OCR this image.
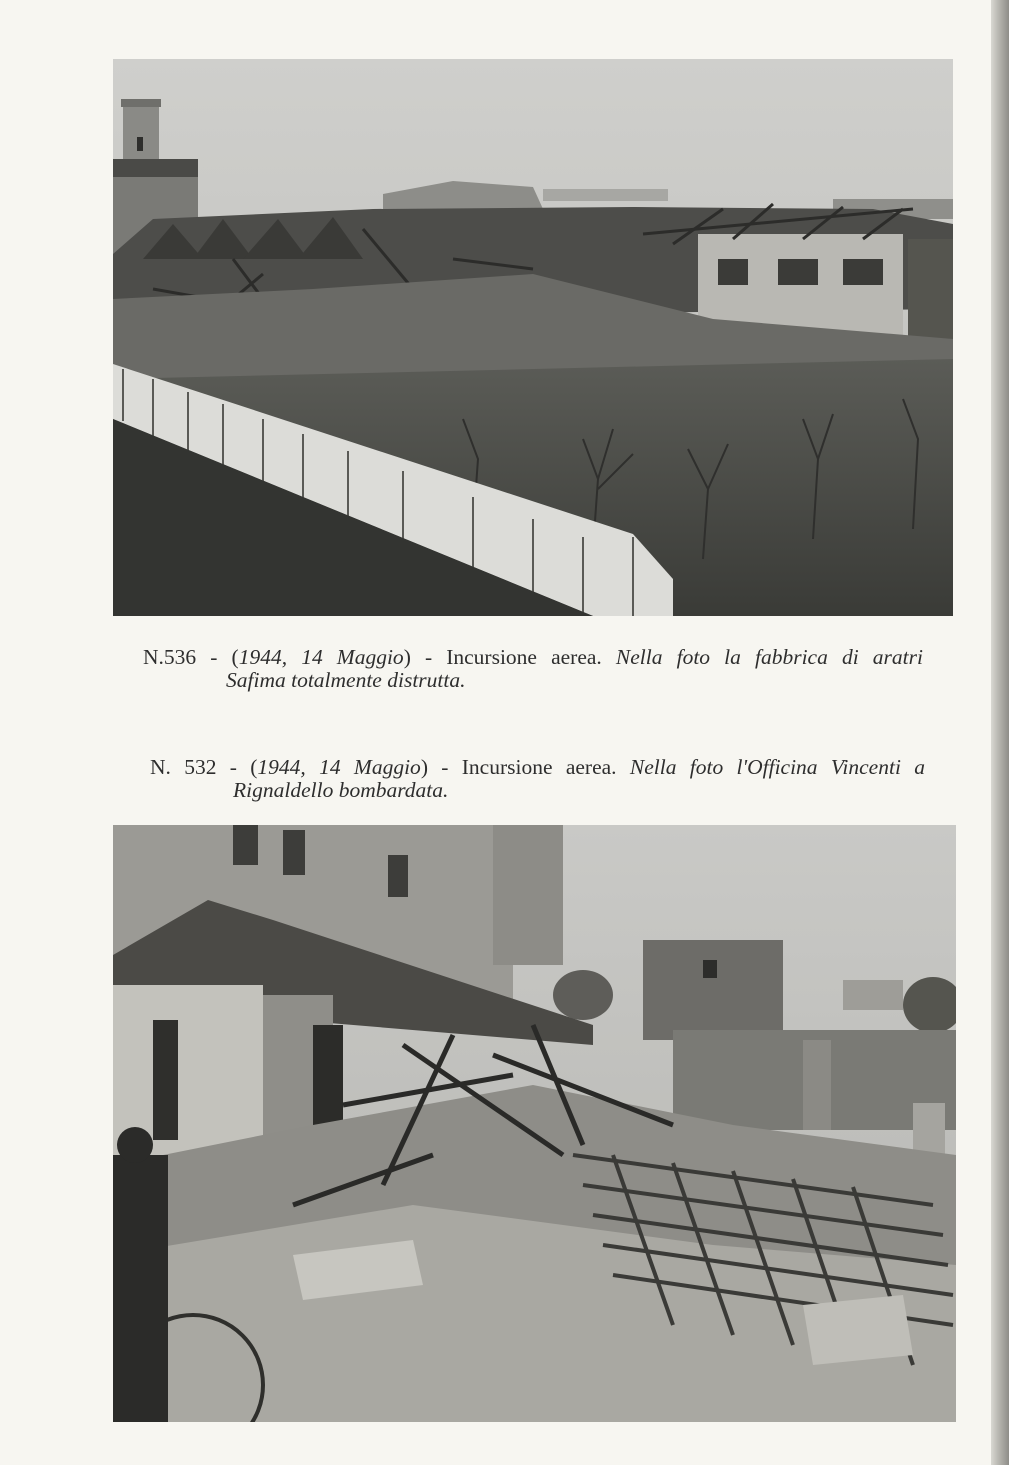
N.536 - (1944, 14 Maggio) - Incursione aerea. Nella foto la fabbrica di aratri
Safima totalmente distrutta.
N. 532 - (1944, 14 Maggio) - Incursione aerea. Nella foto l'Officina Vincenti a
Rignaldello bombardata.
